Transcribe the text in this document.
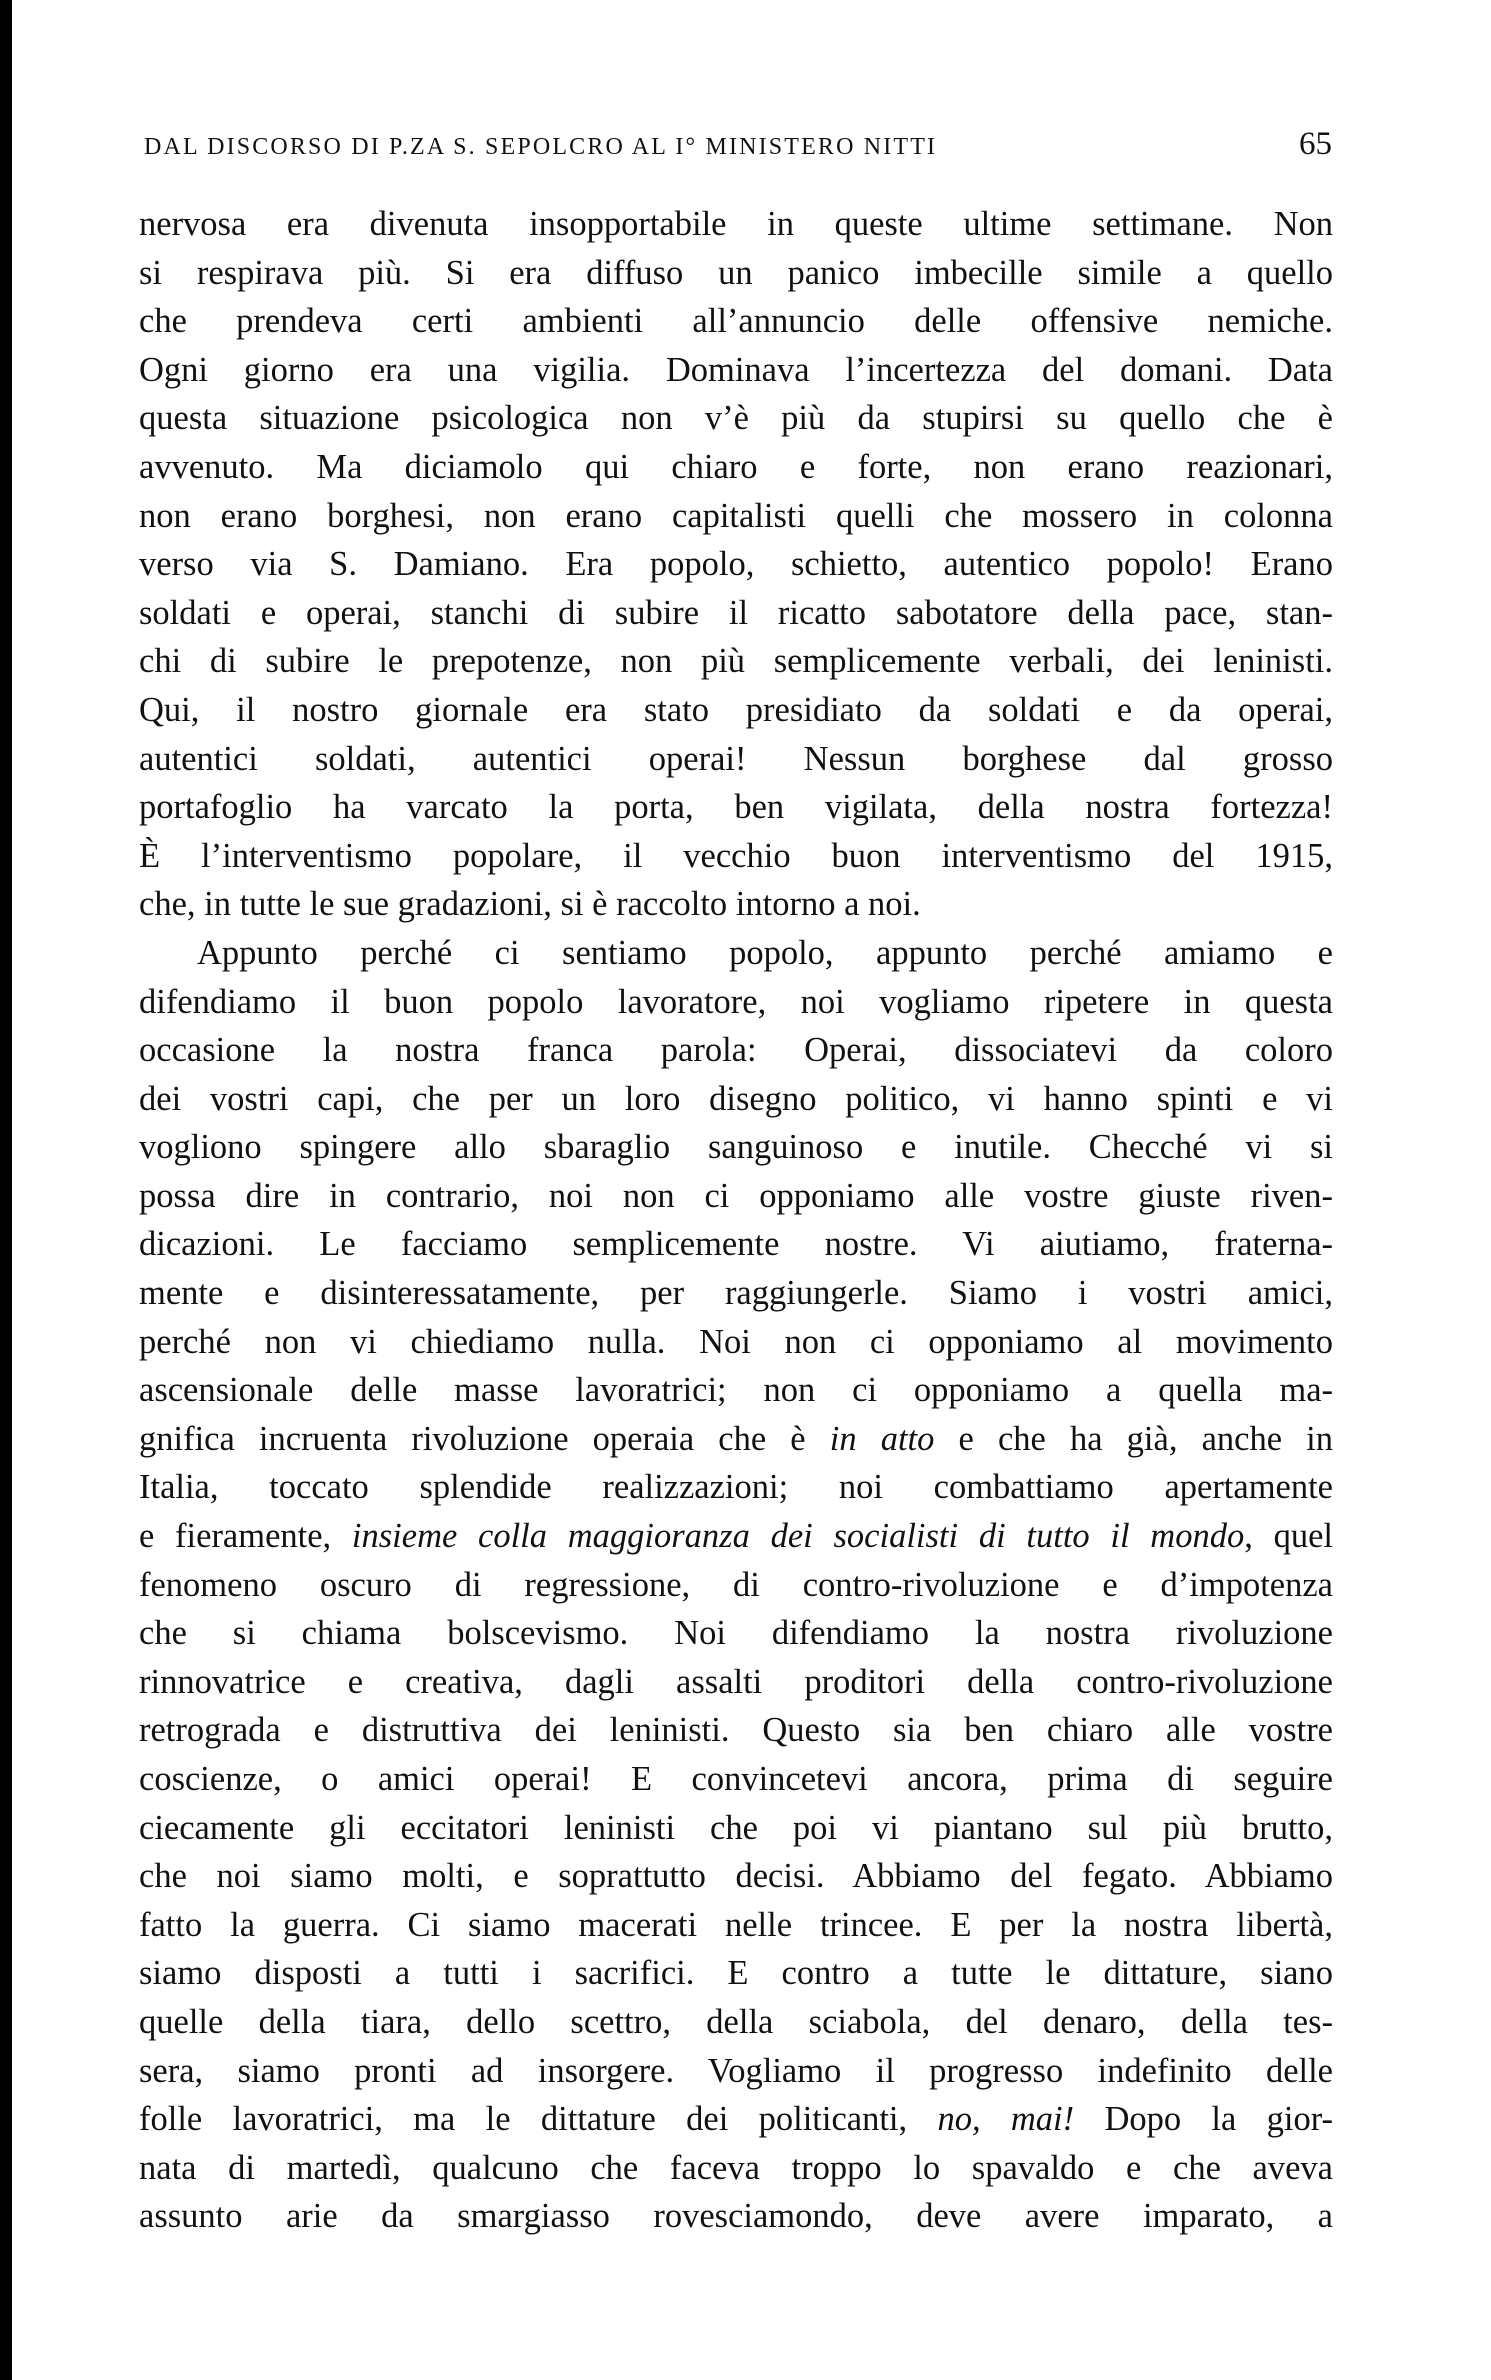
DAL DISCORSO DI P.ZA S. SEPOLCRO AL I° MINISTERO NITTI	65
nervosa era divenuta insopportabile in queste ultime settimane. Non
si respirava più. Si era diffuso un panico imbecille simile a quello
che prendeva certi ambienti all’annuncio delle offensive nemiche.
Ogni giorno era una vigilia. Dominava l’incertezza del domani. Data
questa situazione psicologica non v’è più da stupirsi su quello che è
avvenuto. Ma diciamolo qui chiaro e forte, non erano reazionari,
non erano borghesi, non erano capitalisti quelli che mossero in colonna
verso via S. Damiano. Era popolo, schietto, autentico popolo! Erano
soldati e operai, stanchi di subire il ricatto sabotatore della pace, stan-
chi di subire le prepotenze, non più semplicemente verbali, dei leninisti.
Qui, il nostro giornale era stato presidiato da soldati e da operai,
autentici soldati, autentici operai! Nessun borghese dal grosso
portafoglio ha varcato la porta, ben vigilata, della nostra fortezza!
È l’interventismo popolare, il vecchio buon interventismo del 1915,
che, in tutte le sue gradazioni, si è raccolto intorno a noi.
Appunto perché ci sentiamo popolo, appunto perché amiamo e
difendiamo il buon popolo lavoratore, noi vogliamo ripetere in questa
occasione la nostra franca parola: Operai, dissociatevi da coloro
dei vostri capi, che per un loro disegno politico, vi hanno spinti e vi
vogliono spingere allo sbaraglio sanguinoso e inutile. Checché vi si
possa dire in contrario, noi non ci opponiamo alle vostre giuste riven-
dicazioni. Le facciamo semplicemente nostre. Vi aiutiamo, fraterna-
mente e disinteressatamente, per raggiungerle. Siamo i vostri amici,
perché non vi chiediamo nulla. Noi non ci opponiamo al movimento
ascensionale delle masse lavoratrici; non ci opponiamo a quella ma-
gnifica incruenta rivoluzione operaia che è in atto e che ha già, anche in
Italia, toccato splendide realizzazioni; noi combattiamo apertamente
e fieramente, insieme colla maggioranza dei socialisti di tutto il mondo, quel
fenomeno oscuro di regressione, di contro-rivoluzione e d’impotenza
che si chiama bolscevismo. Noi difendiamo la nostra rivoluzione
rinnovatrice e creativa, dagli assalti proditori della contro-rivoluzione
retrograda e distruttiva dei leninisti. Questo sia ben chiaro alle vostre
coscienze, o amici operai! E convincetevi ancora, prima di seguire
ciecamente gli eccitatori leninisti che poi vi piantano sul più brutto,
che noi siamo molti, e soprattutto decisi. Abbiamo del fegato. Abbiamo
fatto la guerra. Ci siamo macerati nelle trincee. E per la nostra libertà,
siamo disposti a tutti i sacrifici. E contro a tutte le dittature, siano
quelle della tiara, dello scettro, della sciabola, del denaro, della tes-
sera, siamo pronti ad insorgere. Vogliamo il progresso indefinito delle
folle lavoratrici, ma le dittature dei politicanti, no, mai! Dopo la gior-
nata di martedì, qualcuno che faceva troppo lo spavaldo e che aveva
assunto arie da smargiasso rovesciamondo, deve avere imparato, a
